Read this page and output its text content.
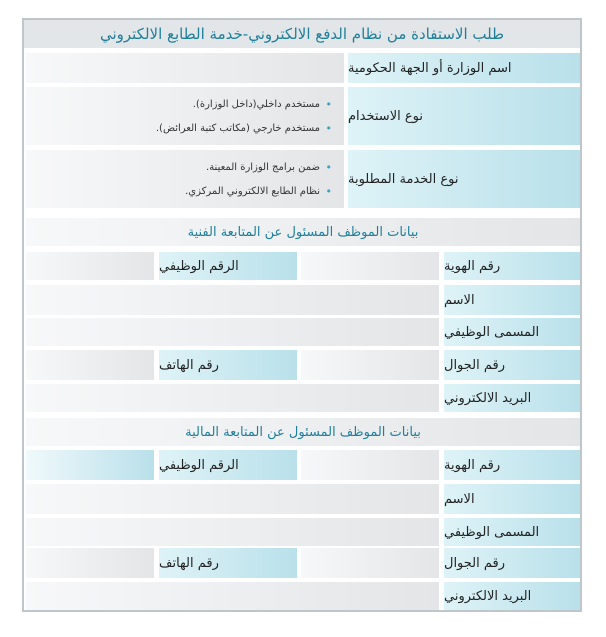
طلب الاستفادة من نظام الدفع الالكتروني-خدمة الطابع الالكتروني
اسم الوزارة أو الجهة الحكومية
• مستخدم داخلي(داخل الوزارة).
• مستخدم خارجي (مكاتب كتبة العرائض).
نوع الاستخدام
• ضمن برامج الوزارة المعينة.
• نظام الطابع الالكتروني المركزي.
نوع الخدمة المطلوبة
بيانات الموظف المسئول عن المتابعة الفنية
الرقم الوظيفي	رقم الهوية
الاسم
المسمى الوظيفي
رقم الهاتف	رقم الجوال
البريد الالكتروني
بيانات الموظف المسئول عن المتابعة المالية
الرقم الوظيفي	رقم الهوية
الاسم
المسمى الوظيفي
رقم الهاتف	رقم الجوال
البريد الالكتروني
